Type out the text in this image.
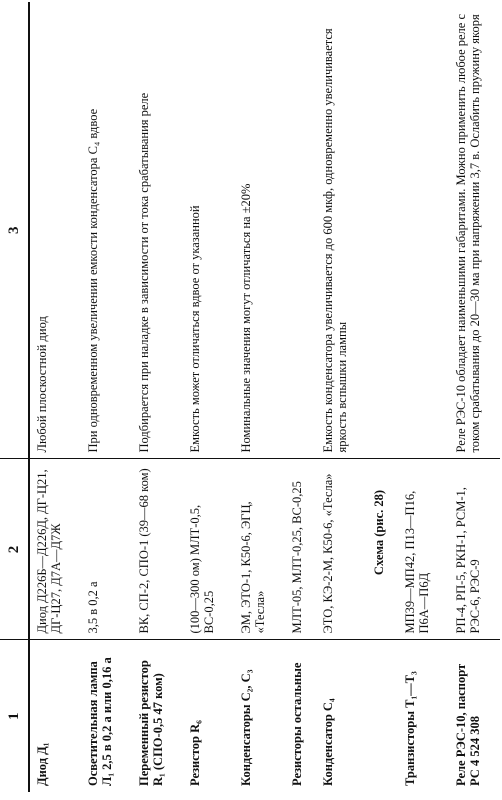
1	2	3
Диод Д₁	Диод Д226Б—Д226Д, ДГ-Ц21, ДГ-Ц27, Д7А—Д7Ж	Любой плоскостной диод
Осветительная лампа Л₁ 2,5 в 0,2 а или 0,16 а	3,5 в 0,2 а	При одновременном увеличении емкости конденсатора C₄ вдвое
Переменный резистор R₁ (СПО-0,5 47 ком)	ВК, СП-2, СПО-1 (39—68 ком)	Подбирается при наладке в зависимости от тока срабатывания реле
Резистор R₆	(100—300 ом) МЛТ-0,5, ВС-0,25	Емкость может отличаться вдвое от указанной
Конденсаторы C₂, C₃	ЭМ, ЭТО-1, К50-6, ЭГЦ, «Тесла»	Номинальные значения могут отличаться на ±20%
Резисторы остальные	МЛТ-05, МЛТ-0,25, ВС-0,25	
Конденсатор C₄	ЭТО, КЭ-2-М, К50-6, «Тесла»	Емкость конденсатора увеличивается до 600 мкф, одновременно увеличивается яркость вспышки лампы
	Схема (рис. 28)	
Транзисторы T₁—T₃	МП39—МП42, П13—П16, П6А—П6Д	
Реле РЭС-10, паспорт РС 4 524 308	РП-4, РП-5, РКН-1, РСМ-1, РЭС-6, РЭС-9	Реле РЭС-10 обладает наименьшими габаритами. Можно применить любое реле с током срабатывания до 20—30 ма при напряжении 3,7 в. Ослабить пружину якоря
